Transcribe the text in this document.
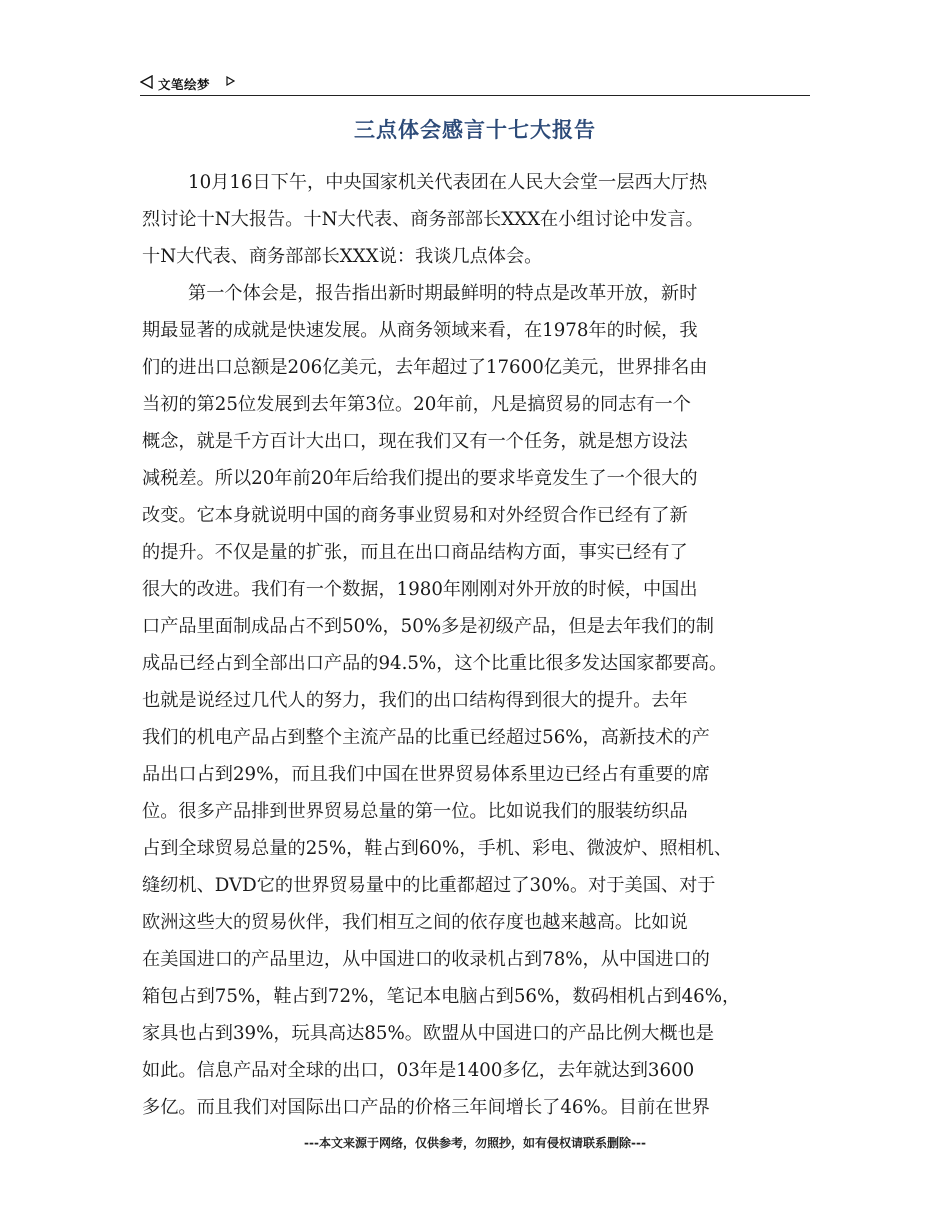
文笔绘梦
三点体会感言十七大报告
10月16日下午，中央国家机关代表团在人民大会堂一层西大厅热
烈讨论十N大报告。十N大代表、商务部部长XXX在小组讨论中发言。
十N大代表、商务部部长XXX说：我谈几点体会。
第一个体会是，报告指出新时期最鲜明的特点是改革开放，新时
期最显著的成就是快速发展。从商务领域来看，在1978年的时候，我
们的进出口总额是206亿美元，去年超过了17600亿美元，世界排名由
当初的第25位发展到去年第3位。20年前，凡是搞贸易的同志有一个
概念，就是千方百计大出口，现在我们又有一个任务，就是想方设法
减税差。所以20年前20年后给我们提出的要求毕竟发生了一个很大的
改变。它本身就说明中国的商务事业贸易和对外经贸合作已经有了新
的提升。不仅是量的扩张，而且在出口商品结构方面，事实已经有了
很大的改进。我们有一个数据，1980年刚刚对外开放的时候，中国出
口产品里面制成品占不到50%，50%多是初级产品，但是去年我们的制
成品已经占到全部出口产品的94.5%，这个比重比很多发达国家都要高。
也就是说经过几代人的努力，我们的出口结构得到很大的提升。去年
我们的机电产品占到整个主流产品的比重已经超过56%，高新技术的产
品出口占到29%，而且我们中国在世界贸易体系里边已经占有重要的席
位。很多产品排到世界贸易总量的第一位。比如说我们的服装纺织品
占到全球贸易总量的25%，鞋占到60%，手机、彩电、微波炉、照相机、
缝纫机、DVD它的世界贸易量中的比重都超过了30%。对于美国、对于
欧洲这些大的贸易伙伴，我们相互之间的依存度也越来越高。比如说
在美国进口的产品里边，从中国进口的收录机占到78%，从中国进口的
箱包占到75%，鞋占到72%，笔记本电脑占到56%，数码相机占到46%，
家具也占到39%，玩具高达85%。欧盟从中国进口的产品比例大概也是
如此。信息产品对全球的出口，03年是1400多亿，去年就达到3600
多亿。而且我们对国际出口产品的价格三年间增长了46%。目前在世界
---本文来源于网络，仅供参考，勿照抄，如有侵权请联系删除---
